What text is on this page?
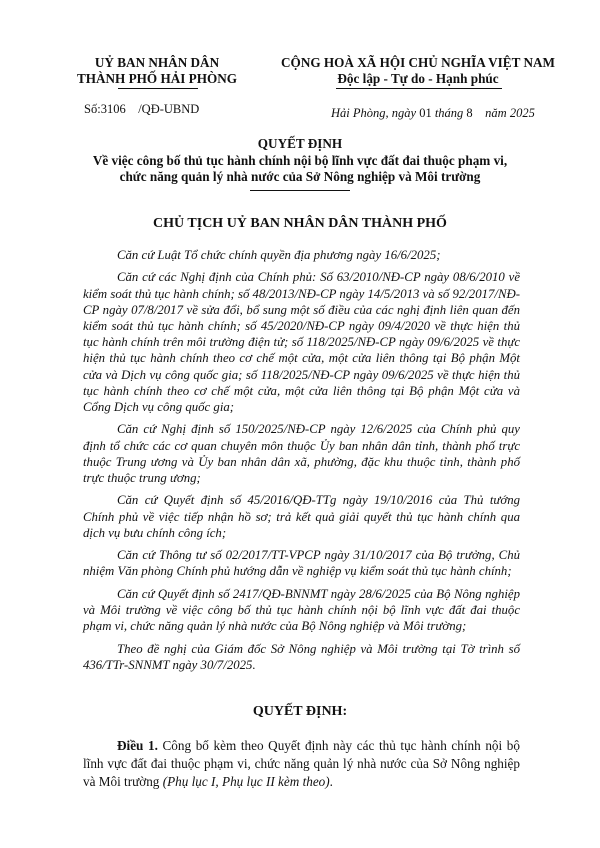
UỶ BAN NHÂN DÂN
THÀNH PHỐ HẢI PHÒNG
CỘNG HOÀ XÃ HỘI CHỦ NGHĨA VIỆT NAM
Độc lập - Tự do - Hạnh phúc
Số:3106 /QĐ-UBND	Hải Phòng, ngày 01 tháng 8 năm 2025
QUYẾT ĐỊNH
Về việc công bố thủ tục hành chính nội bộ lĩnh vực đất đai thuộc phạm vi,
chức năng quản lý nhà nước của Sở Nông nghiệp và Môi trường
CHỦ TỊCH UỶ BAN NHÂN DÂN THÀNH PHỐ

Căn cứ Luật Tổ chức chính quyền địa phương ngày 16/6/2025;

Căn cứ các Nghị định của Chính phủ: Số 63/2010/NĐ-CP ngày 08/6/2010 về kiểm soát thủ tục hành chính; số 48/2013/NĐ-CP ngày 14/5/2013 và số 92/2017/NĐ-CP ngày 07/8/2017 về sửa đổi, bổ sung một số điều của các nghị định liên quan đến kiểm soát thủ tục hành chính; số 45/2020/NĐ-CP ngày 09/4/2020 về thực hiện thủ tục hành chính trên môi trường điện tử; số 118/2025/NĐ-CP ngày 09/6/2025 về thực hiện thủ tục hành chính theo cơ chế một cửa, một cửa liên thông tại Bộ phận Một cửa và Dịch vụ công quốc gia; số 118/2025/NĐ-CP ngày 09/6/2025 về thực hiện thủ tục hành chính theo cơ chế một cửa, một cửa liên thông tại Bộ phận Một cửa và Cổng Dịch vụ công quốc gia;

Căn cứ Nghị định số 150/2025/NĐ-CP ngày 12/6/2025 của Chính phủ quy định tổ chức các cơ quan chuyên môn thuộc Ủy ban nhân dân tỉnh, thành phố trực thuộc Trung ương và Ủy ban nhân dân xã, phường, đặc khu thuộc tỉnh, thành phố trực thuộc trung ương;

Căn cứ Quyết định số 45/2016/QĐ-TTg ngày 19/10/2016 của Thủ tướng Chính phủ về việc tiếp nhận hồ sơ; trả kết quả giải quyết thủ tục hành chính qua dịch vụ bưu chính công ích;

Căn cứ Thông tư số 02/2017/TT-VPCP ngày 31/10/2017 của Bộ trưởng, Chủ nhiệm Văn phòng Chính phủ hướng dẫn về nghiệp vụ kiểm soát thủ tục hành chính;

Căn cứ Quyết định số 2417/QĐ-BNNMT ngày 28/6/2025 của Bộ Nông nghiệp và Môi trường về việc công bố thủ tục hành chính nội bộ lĩnh vực đất đai thuộc phạm vi, chức năng quản lý nhà nước của Bộ Nông nghiệp và Môi trường;

Theo đề nghị của Giám đốc Sở Nông nghiệp và Môi trường tại Tờ trình số 436/TTr-SNNMT ngày 30/7/2025.

QUYẾT ĐỊNH:

Điều 1. Công bố kèm theo Quyết định này các thủ tục hành chính nội bộ lĩnh vực đất đai thuộc phạm vi, chức năng quản lý nhà nước của Sở Nông nghiệp và Môi trường (Phụ lục I, Phụ lục II kèm theo).
